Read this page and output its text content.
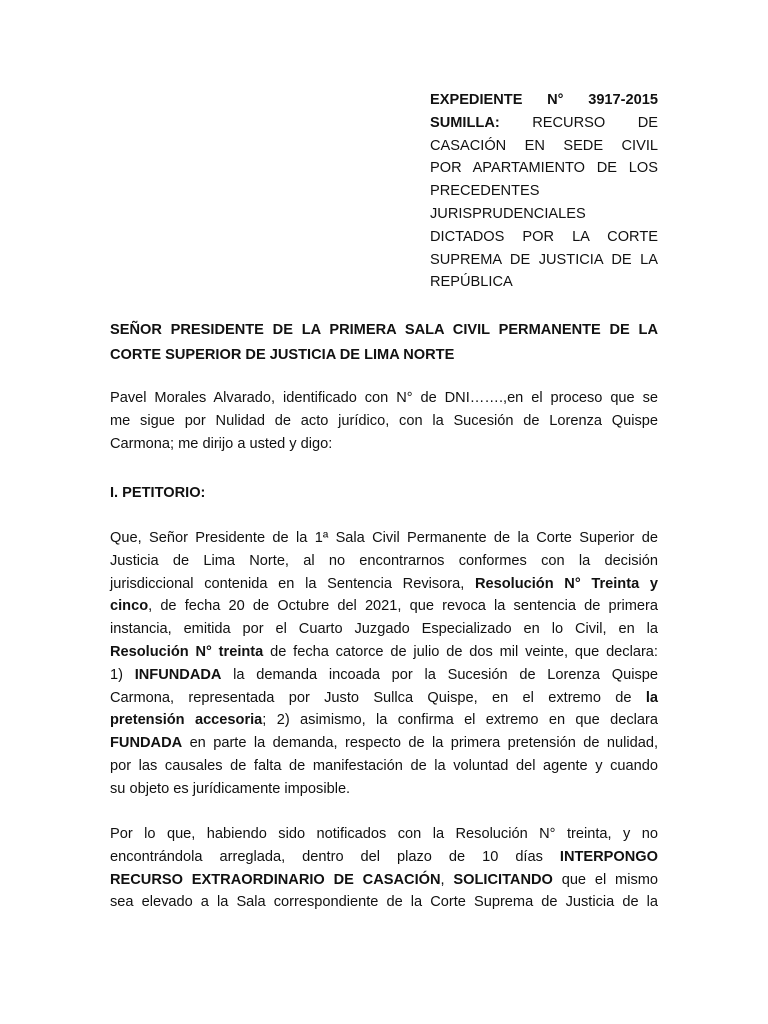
EXPEDIENTE N° 3917-2015
SUMILLA: RECURSO DE
CASACIÓN EN SEDE CIVIL
POR APARTAMIENTO DE LOS
PRECEDENTES
JURISPRUDENCIALES
DICTADOS POR LA CORTE
SUPREMA DE JUSTICIA DE LA
REPÚBLICA
SEÑOR PRESIDENTE DE LA PRIMERA SALA CIVIL PERMANENTE DE LA
CORTE SUPERIOR DE JUSTICIA DE LIMA NORTE
Pavel Morales Alvarado, identificado con N° de DNI…….,en el proceso que se
me sigue por Nulidad de acto jurídico, con la Sucesión de Lorenza Quispe
Carmona; me dirijo a usted y digo:
I. PETITORIO:
Que, Señor Presidente de la 1ª Sala Civil Permanente de la Corte Superior de
Justicia de Lima Norte, al no encontrarnos conformes con la decisión
jurisdiccional contenida en la Sentencia Revisora, Resolución N° Treinta y
cinco, de fecha 20 de Octubre del 2021, que revoca la sentencia de primera
instancia, emitida por el Cuarto Juzgado Especializado en lo Civil, en la
Resolución N° treinta de fecha catorce de julio de dos mil veinte, que declara:
1) INFUNDADA la demanda incoada por la Sucesión de Lorenza Quispe
Carmona, representada por Justo Sullca Quispe, en el extremo de la
pretensión accesoria; 2) asimismo, la confirma el extremo en que declara
FUNDADA en parte la demanda, respecto de la primera pretensión de nulidad,
por las causales de falta de manifestación de la voluntad del agente y cuando
su objeto es jurídicamente imposible.
Por lo que, habiendo sido notificados con la Resolución N° treinta, y no
encontrándola arreglada, dentro del plazo de 10 días INTERPONGO
RECURSO EXTRAORDINARIO DE CASACIÓN, SOLICITANDO que el mismo
sea elevado a la Sala correspondiente de la Corte Suprema de Justicia de la
